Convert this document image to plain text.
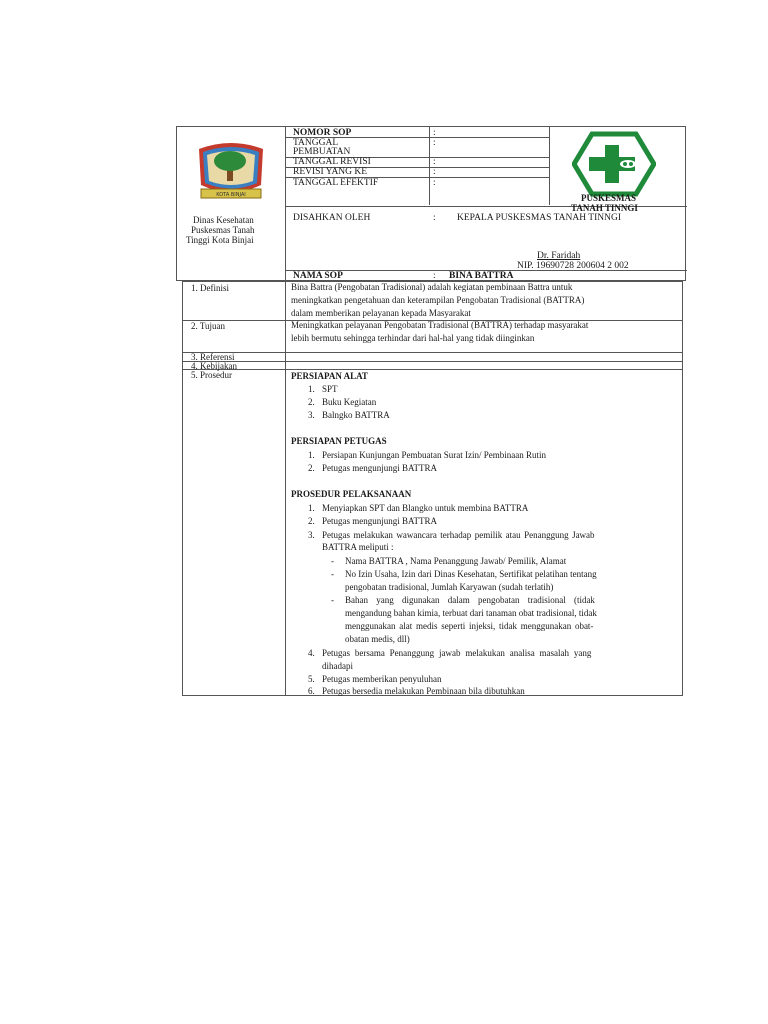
KOTA BINJAI
Dinas Kesehatan
Puskesmas Tanah
Tinggi Kota Binjai
NOMOR SOP	:
TANGGAL	:
PEMBUATAN
TANGGAL REVISI	:
REVISI YANG KE	:
TANGGAL EFEKTIF	:
PUSKESMAS
TANAH TINNGI
DISAHKAN OLEH	: KEPALA PUSKESMAS TANAH TINNGI
Dr. Faridah
NIP. 19690728 200604 2 002
NAMA SOP	: BINA BATTRA
1. Definisi	Bina Battra (Pengobatan Tradisional) adalah kegiatan pembinaan Battra untuk
meningkatkan pengetahuan dan keterampilan Pengobatan Tradisional (BATTRA)
dalam memberikan pelayanan kepada Masyarakat
2. Tujuan	Meningkatkan pelayanan Pengobatan Tradisional (BATTRA) terhadap masyarakat
lebih bermutu sehingga terhindar dari hal-hal yang tidak diinginkan
3. Referensi
4. Kebijakan
5. Prosedur	PERSIAPAN ALAT
1. SPT
2. Buku Kegiatan
3. Balngko BATTRA
PERSIAPAN PETUGAS
1. Persiapan Kunjungan Pembuatan Surat Izin/ Pembinaan Rutin
2. Petugas mengunjungi BATTRA
PROSEDUR PELAKSANAAN
1. Menyiapkan SPT dan Blangko untuk membina BATTRA
2. Petugas mengunjungi BATTRA
3. Petugas melakukan wawancara terhadap pemilik atau Penanggung Jawab
BATTRA meliputi :
- Nama BATTRA , Nama Penanggung Jawab/ Pemilik, Alamat
- No Izin Usaha, Izin dari Dinas Kesehatan, Sertifikat pelatihan tentang
pengobatan tradisional, Jumlah Karyawan (sudah terlatih)
- Bahan yang digunakan dalam pengobatan tradisional (tidak
mengandung bahan kimia, terbuat dari tanaman obat tradisional, tidak
menggunakan alat medis seperti injeksi, tidak menggunakan obat-
obatan medis, dll)
4. Petugas bersama Penanggung jawab melakukan analisa masalah yang
dihadapi
5. Petugas memberikan penyuluhan
6. Petugas bersedia melakukan Pembinaan bila dibutuhkan
